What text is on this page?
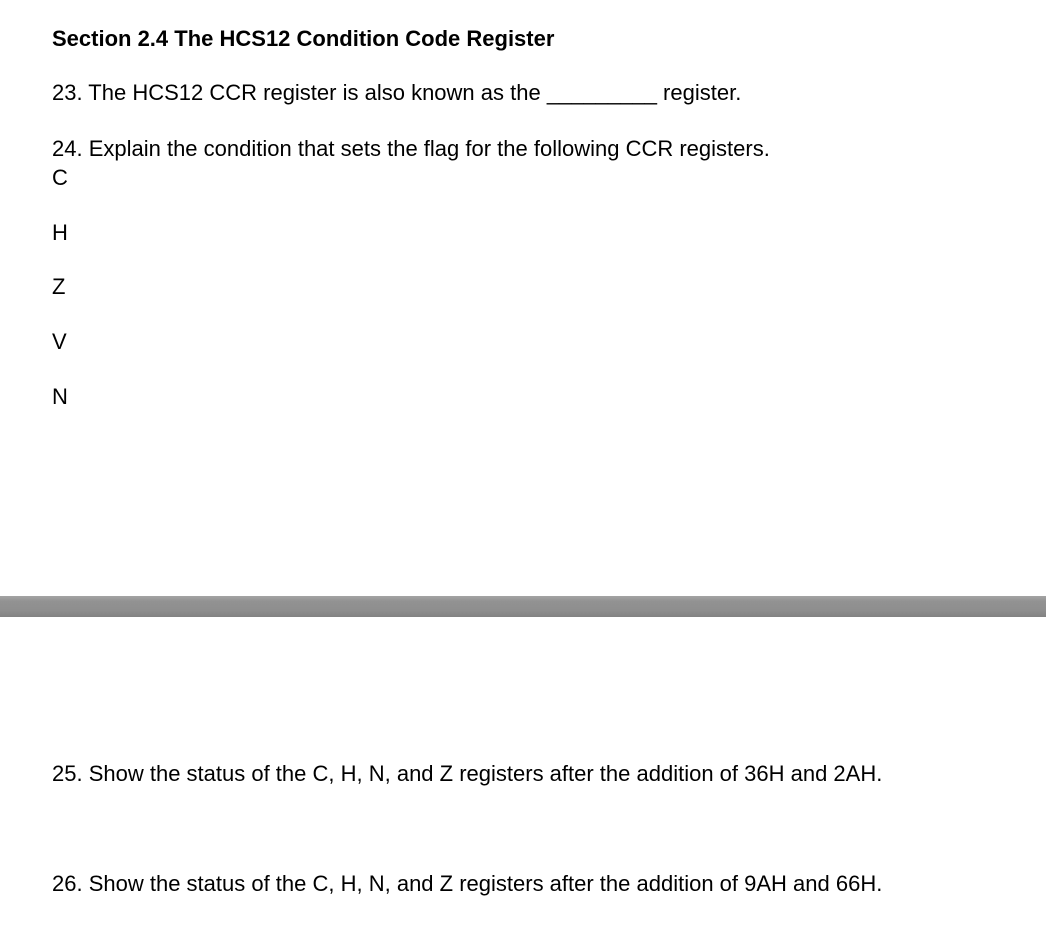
Section 2.4 The HCS12 Condition Code Register
23. The HCS12 CCR register is also known as the _________ register.
24. Explain the condition that sets the flag for the following CCR registers.
C
H
Z
V
N
25. Show the status of the C, H, N, and Z registers after the addition of 36H and 2AH.
26. Show the status of the C, H, N, and Z registers after the addition of 9AH and 66H.
